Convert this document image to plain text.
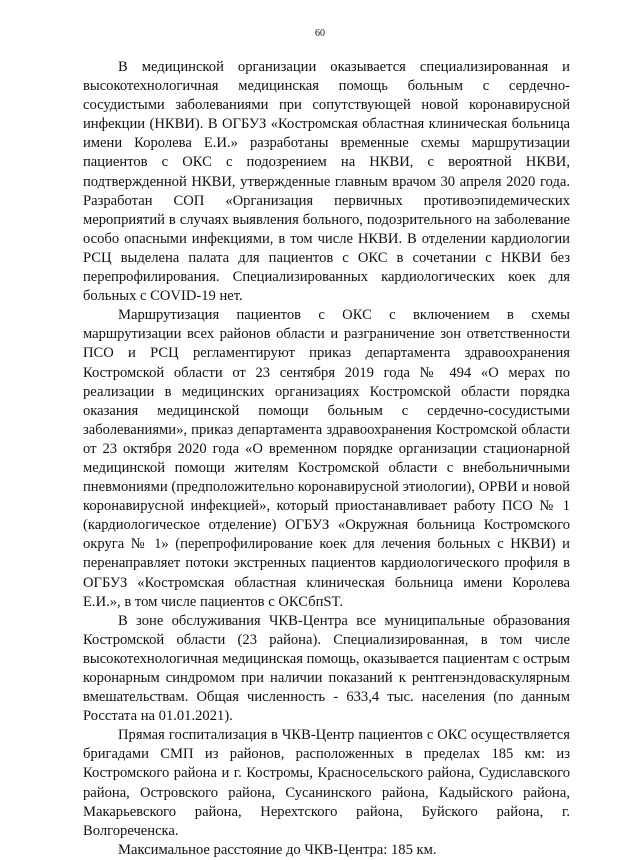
60

В медицинской организации оказывается специализированная и высокотехнологичная медицинская помощь больным с сердечно-сосудистыми заболеваниями при сопутствующей новой коронавирусной инфекции (НКВИ). В ОГБУЗ «Костромская областная клиническая больница имени Королева Е.И.» разработаны временные схемы маршрутизации пациентов с ОКС с подозрением на НКВИ, с вероятной НКВИ, подтвержденной НКВИ, утвержденные главным врачом 30 апреля 2020 года. Разработан СОП «Организация первичных противоэпидемических мероприятий в случаях выявления больного, подозрительного на заболевание особо опасными инфекциями, в том числе НКВИ. В отделении кардиологии РСЦ выделена палата для пациентов с ОКС в сочетании с НКВИ без перепрофилирования. Специализированных кардиологических коек для больных с COVID-19 нет.

Маршрутизация пациентов с ОКС с включением в схемы маршрутизации всех районов области и разграничение зон ответственности ПСО и РСЦ регламентируют приказ департамента здравоохранения Костромской области от 23 сентября 2019 года № 494 «О мерах по реализации в медицинских организациях Костромской области порядка оказания медицинской помощи больным с сердечно-сосудистыми заболеваниями», приказ департамента здравоохранения Костромской области от 23 октября 2020 года «О временном порядке организации стационарной медицинской помощи жителям Костромской области с внебольничными пневмониями (предположительно коронавирусной этиологии), ОРВИ и новой коронавирусной инфекцией», который приостанавливает работу ПСО № 1 (кардиологическое отделение) ОГБУЗ «Окружная больница Костромского округа № 1» (перепрофилирование коек для лечения больных с НКВИ) и перенаправляет потоки экстренных пациентов кардиологического профиля в ОГБУЗ «Костромская областная клиническая больница имени Королева Е.И.», в том числе пациентов с ОКСбпST.

В зоне обслуживания ЧКВ-Центра все муниципальные образования Костромской области (23 района). Специализированная, в том числе высокотехнологичная медицинская помощь, оказывается пациентам с острым коронарным синдромом при наличии показаний к рентгенэндоваскулярным вмешательствам. Общая численность - 633,4 тыс. населения (по данным Росстата на 01.01.2021).

Прямая госпитализация в ЧКВ-Центр пациентов с ОКС осуществляется бригадами СМП из районов, расположенных в пределах 185 км: из Костромского района и г. Костромы, Красносельского района, Судиславского района, Островского района, Сусанинского района, Кадыйского района, Макарьевского района, Нерехтского района, Буйского района, г. Волгореченска.

Максимальное расстояние до ЧКВ-Центра: 185 км.
